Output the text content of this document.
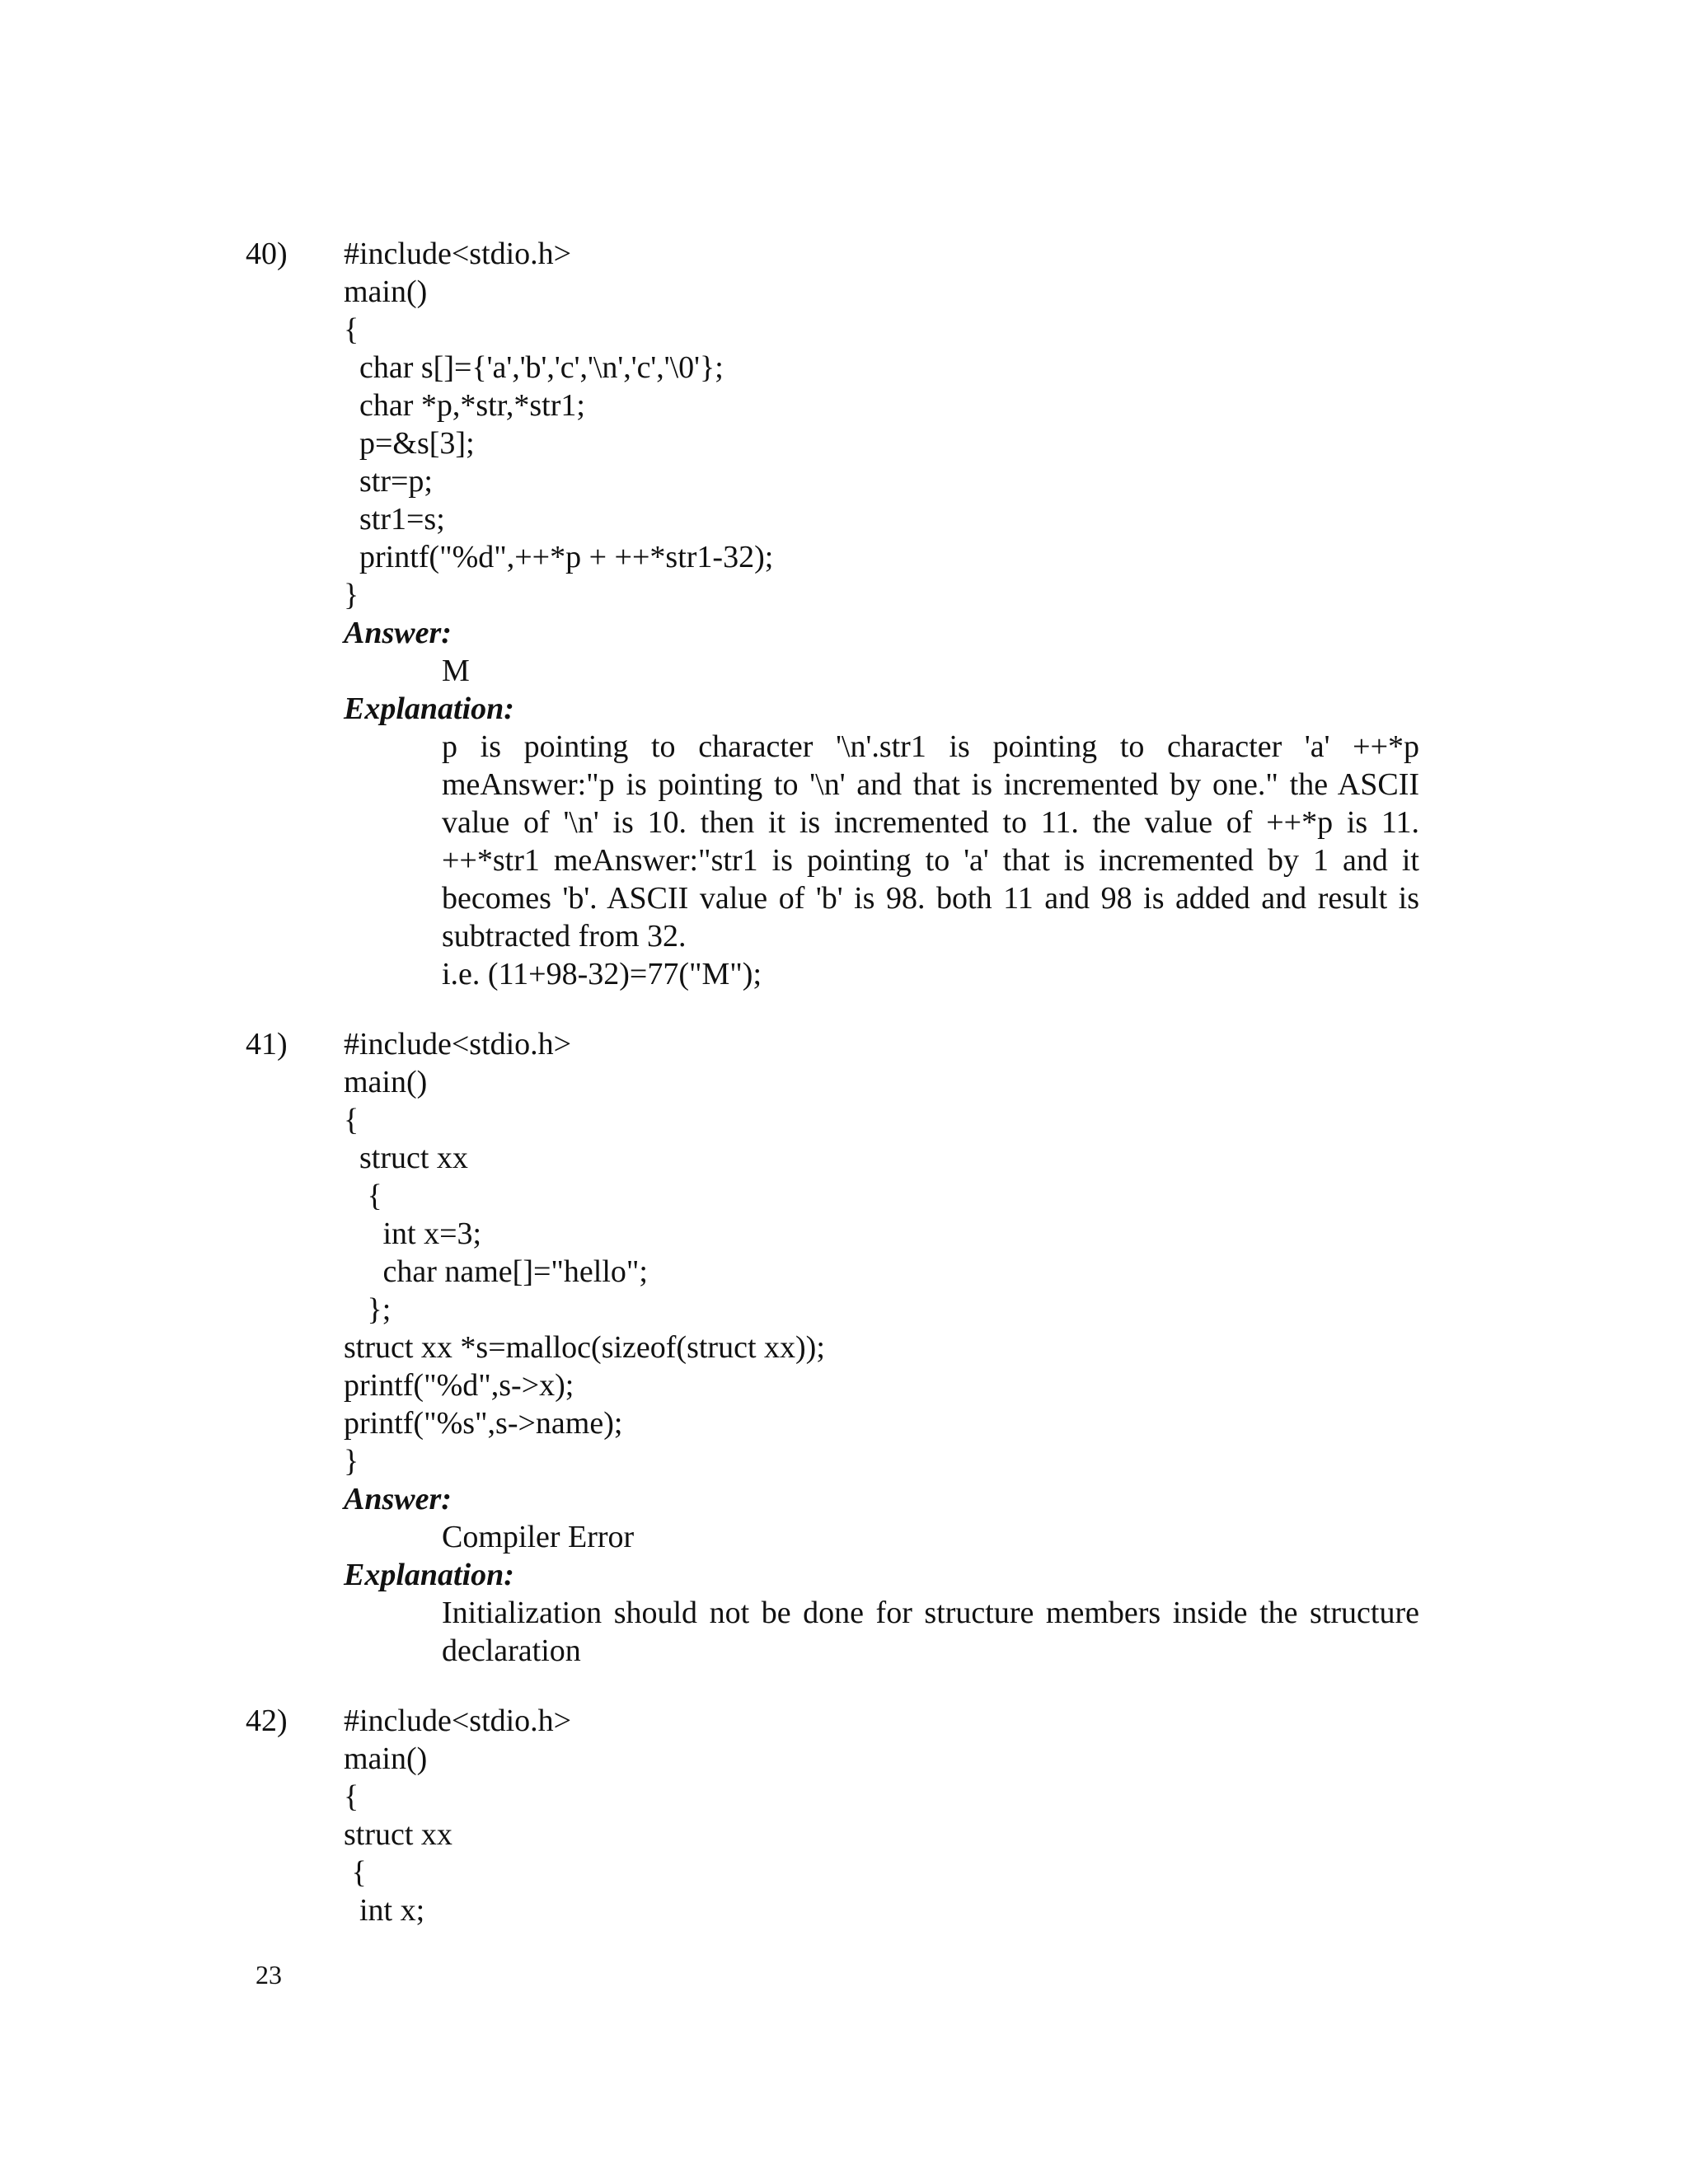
40) #include<stdio.h>
main()
{
char s[]={'a','b','c','\n','c','\0'};
char *p,*str,*str1;
p=&s[3];
str=p;
str1=s;
printf("%d",++*p + ++*str1-32);
}
Answer:
M
Explanation:
p is pointing to character '\n'.str1 is pointing to character 'a' ++*p meAnswer:"p is pointing to '\n' and that is incremented by one." the ASCII value of '\n' is 10. then it is incremented to 11. the value of ++*p is 11. ++*str1 meAnswer:"str1 is pointing to 'a' that is incremented by 1 and it becomes 'b'. ASCII value of 'b' is 98. both 11 and 98 is added and result is subtracted from 32.
i.e. (11+98-32)=77("M");
41) #include<stdio.h>
main()
{
struct xx
{
int x=3;
char name[]="hello";
};
struct xx *s=malloc(sizeof(struct xx));
printf("%d",s->x);
printf("%s",s->name);
}
Answer:
Compiler Error
Explanation:
Initialization should not be done for structure members inside the structure declaration
42) #include<stdio.h>
main()
{
struct xx
{
int x;
23
